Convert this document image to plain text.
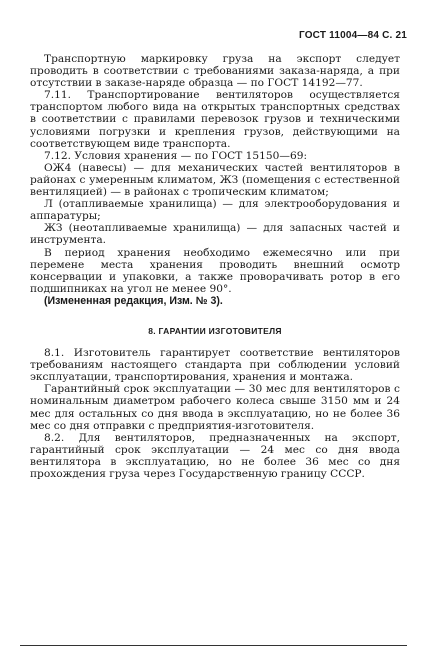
ГОСТ 11004—84 С. 21

Транспортную маркировку груза на экспорт следует проводить в соответствии с требованиями заказа-наряда, а при отсутствии в заказе-наряде образца — по ГОСТ 14192—77.

7.11. Транспортирование вентиляторов осуществляется транспортом любого вида на открытых транспортных средствах в соответствии с правилами перевозок грузов и техническими условиями погрузки и крепления грузов, действующими на соответствующем виде транспорта.

7.12. Условия хранения — по ГОСТ 15150—69:

ОЖ4 (навесы) — для механических частей вентиляторов в районах с умеренным климатом, ЖЗ (помещения с естественной вентиляцией) — в районах с тропическим климатом;

Л (отапливаемые хранилища) — для электрооборудования и аппаратуры;

ЖЗ (неотапливаемые хранилища) — для запасных частей и инструмента.

В период хранения необходимо ежемесячно или при перемене места хранения проводить внешний осмотр консервации и упаковки, а также проворачивать ротор в его подшипниках на угол не менее 90°.

(Измененная редакция, Изм. № 3).

8. ГАРАНТИИ ИЗГОТОВИТЕЛЯ

8.1. Изготовитель гарантирует соответствие вентиляторов требованиям настоящего стандарта при соблюдении условий эксплуатации, транспортирования, хранения и монтажа.

Гарантийный срок эксплуатации — 30 мес для вентиляторов с номинальным диаметром рабочего колеса свыше 3150 мм и 24 мес для остальных со дня ввода в эксплуатацию, но не более 36 мес со дня отправки с предприятия-изготовителя.

8.2. Для вентиляторов, предназначенных на экспорт, гарантийный срок эксплуатации — 24 мес со дня ввода вентилятора в эксплуатацию, но не более 36 мес со дня прохождения груза через Государственную границу СССР.
